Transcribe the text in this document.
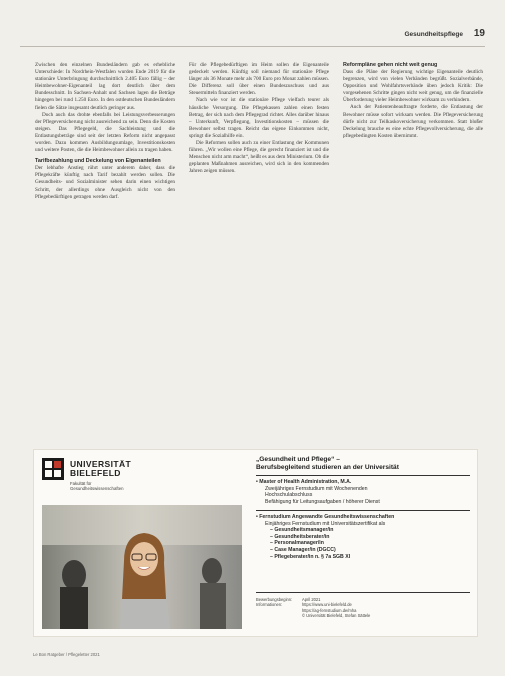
Gesundheitspflege 19

Zwischen den einzelnen Bundesländern gab es erhebliche Unterschiede: In Nordrhein-Westfalen wurden Ende 2019 für die stationäre Unterbringung durchschnittlich 2.405 Euro fällig – der Heimbewohner-Eigenanteil lag dort deutlich über dem Bundesschnitt. In Sachsen-Anhalt und Sachsen lagen die Beträge hingegen bei rund 1.250 Euro. In den ostdeutschen Bundesländern fielen die Sätze insgesamt deutlich geringer aus.

Doch auch das drohte ebenfalls bei Leistungsverbesserungen der Pflegeversicherung nicht ausreichend zu sein. Denn die Kosten steigen. Das Pflegegeld, die Sachleistung und die Entlastungsbeträge sind seit der letzten Reform nicht angepasst worden. Dazu kommen Ausbildungsumlage, Investitionskosten und weitere Posten, die die Heimbewohner allein zu tragen haben.

Tarifbezahlung und Deckelung von Eigenanteilen

Der lebhafte Anstieg rührt unter anderem daher, dass die Pflegekräfte künftig nach Tarif bezahlt werden sollen. Die Gesundheits- und Sozialminister sehen darin einen wichtigen Schritt, der allerdings ohne Ausgleich nicht von den Pflegebedürftigen getragen werden darf.

Für die Pflegebedürftigen im Heim sollen die Eigenanteile gedeckelt werden. Künftig soll niemand für stationäre Pflege länger als 36 Monate mehr als 700 Euro pro Monat zahlen müssen. Die Differenz soll über einen Bundeszuschuss und aus Steuermitteln finanziert werden.

Nach wie vor ist die stationäre Pflege vielfach teurer als häusliche Versorgung. Die Pflegekassen zahlen einen festen Betrag, der sich nach dem Pflegegrad richtet. Alles darüber hinaus – Unterkunft, Verpflegung, Investitionskosten – müssen die Bewohner selbst tragen. Reicht das eigene Einkommen nicht, springt die Sozialhilfe ein.

Die Reformen sollen auch zu einer Entlastung der Kommunen führen. „Wir wollen eine Pflege, die gerecht finanziert ist und die Menschen nicht arm macht“, heißt es aus dem Ministerium. Ob die geplanten Maßnahmen ausreichen, wird sich in den kommenden Jahren zeigen müssen.

Reformpläne gehen nicht weit genug

Dass die Pläne der Regierung wichtige Eigenanteile deutlich begrenzen, wird von vielen Verbänden begrüßt. Sozialverbände, Opposition und Wohlfahrtsverbände üben jedoch Kritik: Die vorgesehenen Schritte gingen nicht weit genug, um die finanzielle Überforderung vieler Heimbewohner wirksam zu verhindern.

Auch der Patientenbeauftragte forderte, die Entlastung der Bewohner müsse sofort wirksam werden. Die Pflegeversicherung dürfe nicht zur Teilkaskoversicherung verkommen. Statt bloßer Deckelung brauche es eine echte Pflegevollversicherung, die alle pflegebedingten Kosten übernimmt.

UNIVERSITÄT
BIELEFELD
Fakultät für
Gesundheitswissenschaften
„Gesundheit und Pflege“ –
Berufsbegleitend studieren an der Universität
• Master of Health Administration, M.A.
Zweijähriges Fernstudium mit Wochenenden
Hochschulabschluss
Befähigung für Leitungsaufgaben / höherer Dienst
• Fernstudium Angewandte Gesundheitswissenschaften
Einjähriges Fernstudium mit Universitätszertifikat als
– Gesundheitsmanager/in
– Gesundheitsberater/in
– Personalmanager/in
– Case Manager/in (DGCC)
– Pflegeberater/in n. § 7a SGB XI
Bewerbungsbeginn:	April 2021
Informationen:	https://www.uni-bielefeld.de
https://ag-fernstudium.de/mha
© Universität Bielefeld, Stefan Sättele
Le Bon Ratgeber / Pflegeletter 2021
